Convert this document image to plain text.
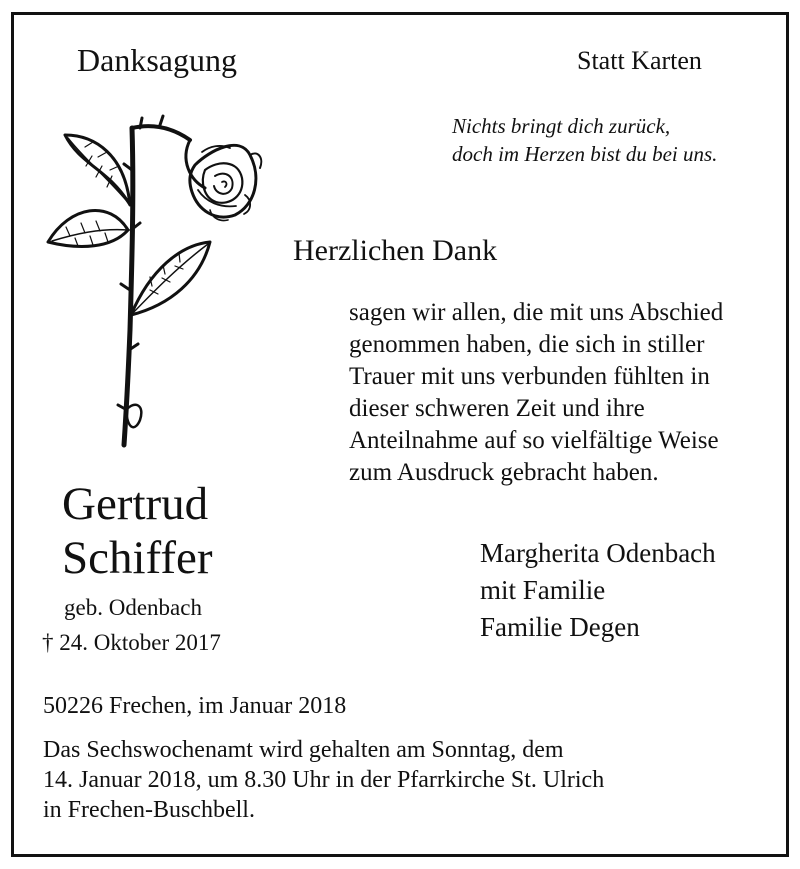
Danksagung	Statt Karten
Nichts bringt dich zurück,
doch im Herzen bist du bei uns.
Herzlichen Dank
sagen wir allen, die mit uns Abschied
genommen haben, die sich in stiller
Trauer mit uns verbunden fühlten in
dieser schweren Zeit und ihre
Anteilnahme auf so vielfältige Weise
zum Ausdruck gebracht haben.
Gertrud
Schiffer
geb. Odenbach
† 24. Oktober 2017
Margherita Odenbach
mit Familie
Familie Degen
50226 Frechen, im Januar 2018
Das Sechswochenamt wird gehalten am Sonntag, dem
14. Januar 2018, um 8.30 Uhr in der Pfarrkirche St. Ulrich
in Frechen-Buschbell.
